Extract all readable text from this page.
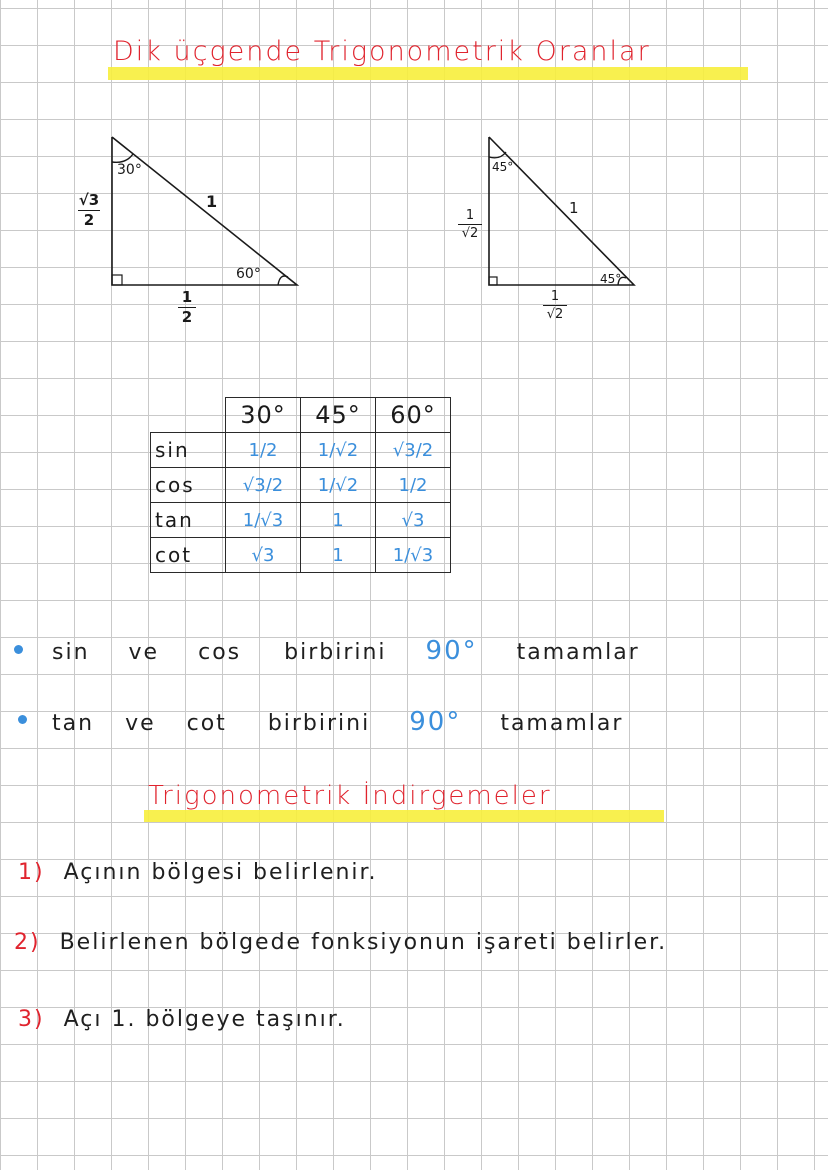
Dik üçgende Trigonometrik Oranlar
30°
60°
1
√3
2
1
2
45°
45°
1
1
√2
1
√2
	30°	45°	60°
sin	1/2	1/√2	√3/2
cos	√3/2	1/√2	1/2
tan	1/√3	1	√3
cot	√3	1	1/√3
sin ve cos birbirini 90° tamamlar
tan ve cot birbirini 90° tamamlar
Trigonometrik İndirgemeler
1) Açının bölgesi belirlenir.
2) Belirlenen bölgede fonksiyonun işareti belirler.
3) Açı 1. bölgeye taşınır.
